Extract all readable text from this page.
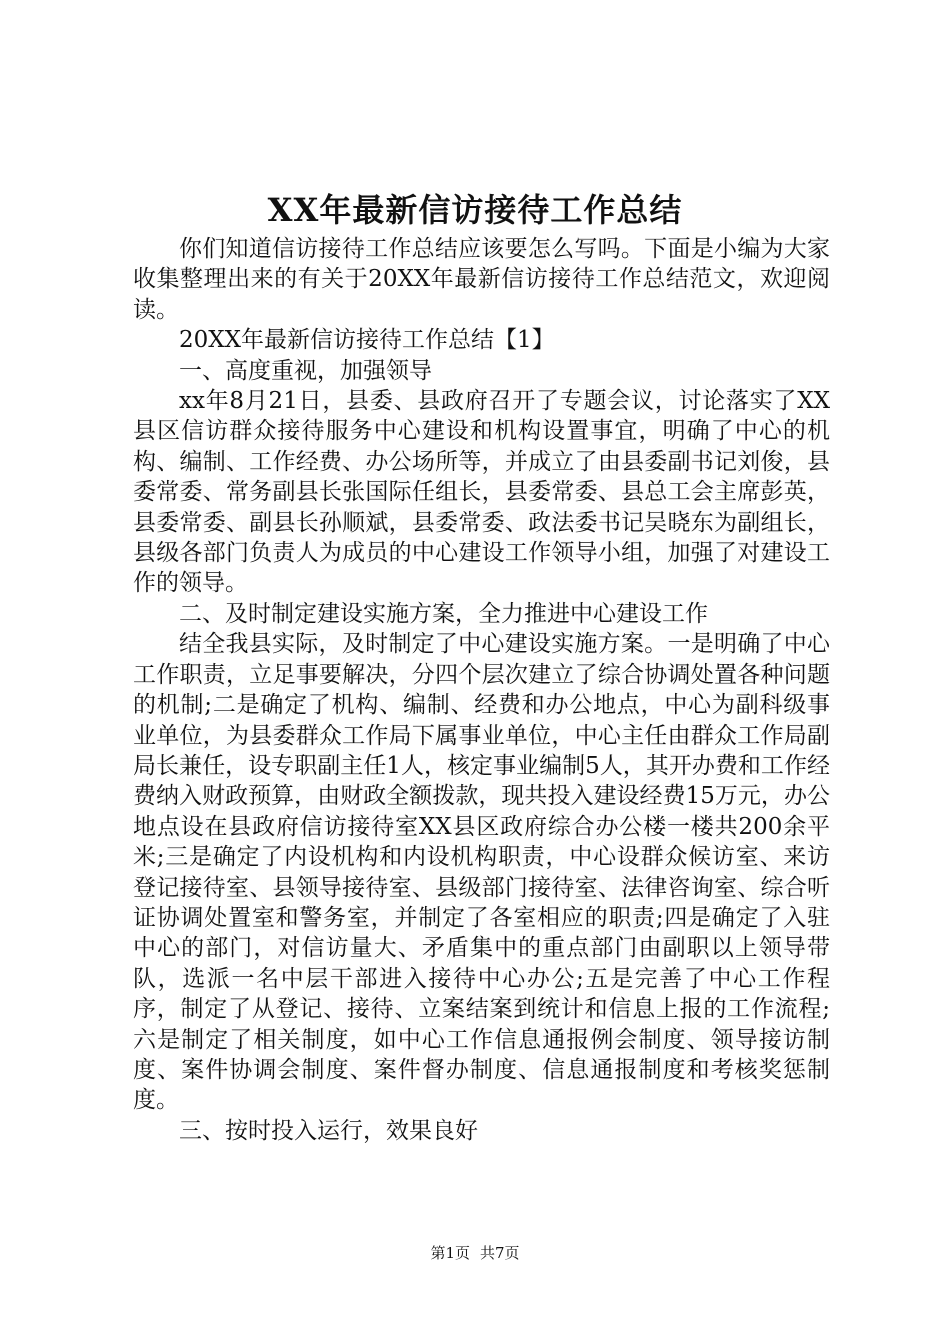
XX年最新信访接待工作总结

你们知道信访接待工作总结应该要怎么写吗。下面是小编为大家收集整理出来的有关于20XX年最新信访接待工作总结范文，欢迎阅读。

20XX年最新信访接待工作总结【1】

一、高度重视，加强领导

xx年8月21日，县委、县政府召开了专题会议，讨论落实了XX县区信访群众接待服务中心建设和机构设置事宜，明确了中心的机构、编制、工作经费、办公场所等，并成立了由县委副书记刘俊，县委常委、常务副县长张国际任组长，县委常委、县总工会主席彭英，县委常委、副县长孙顺斌，县委常委、政法委书记吴晓东为副组长，县级各部门负责人为成员的中心建设工作领导小组，加强了对建设工作的领导。

二、及时制定建设实施方案，全力推进中心建设工作

结全我县实际，及时制定了中心建设实施方案。一是明确了中心工作职责，立足事要解决，分四个层次建立了综合协调处置各种问题的机制;二是确定了机构、编制、经费和办公地点，中心为副科级事业单位，为县委群众工作局下属事业单位，中心主任由群众工作局副局长兼任，设专职副主任1人，核定事业编制5人，其开办费和工作经费纳入财政预算，由财政全额拨款，现共投入建设经费15万元，办公地点设在县政府信访接待室XX县区政府综合办公楼一楼共200余平米;三是确定了内设机构和内设机构职责，中心设群众候访室、来访登记接待室、县领导接待室、县级部门接待室、法律咨询室、综合听证协调处置室和警务室，并制定了各室相应的职责;四是确定了入驻中心的部门，对信访量大、矛盾集中的重点部门由副职以上领导带队，选派一名中层干部进入接待中心办公;五是完善了中心工作程序，制定了从登记、接待、立案结案到统计和信息上报的工作流程;六是制定了相关制度，如中心工作信息通报例会制度、领导接访制度、案件协调会制度、案件督办制度、信息通报制度和考核奖惩制度。

三、按时投入运行，效果良好

第1页 共7页
